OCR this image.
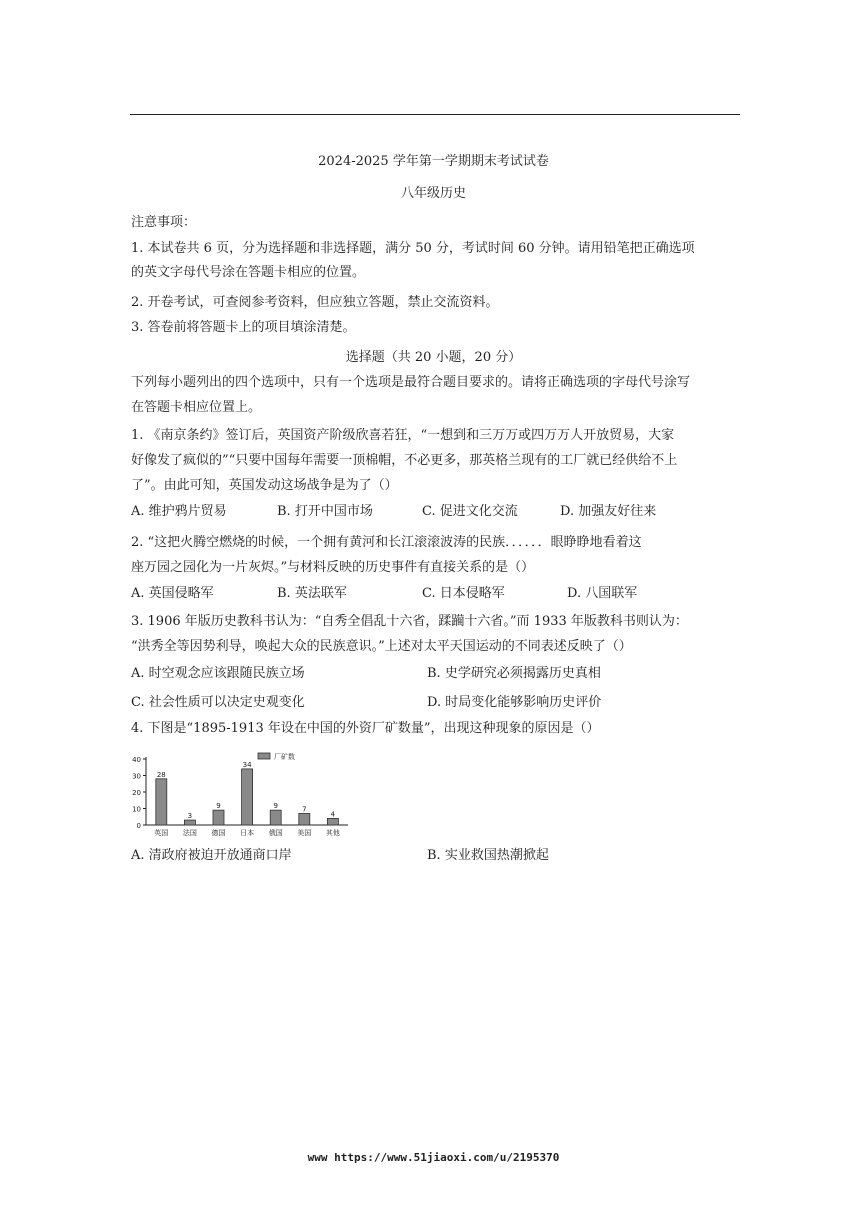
2024-2025 学年第一学期期末考试试卷
八年级历史
注意事项：
1. 本试卷共 6 页，分为选择题和非选择题，满分 50 分，考试时间 60 分钟。请用铅笔把正确选项
的英文字母代号涂在答题卡相应的位置。
2. 开卷考试，可查阅参考资料，但应独立答题，禁止交流资料。
3. 答卷前将答题卡上的项目填涂清楚。
选择题（共 20 小题，20 分）
下列每小题列出的四个选项中，只有一个选项是最符合题目要求的。请将正确选项的字母代号涂写
在答题卡相应位置上。
1. 《南京条约》签订后，英国资产阶级欣喜若狂，“一想到和三万万或四万万人开放贸易，大家
好像发了疯似的”“只要中国每年需要一顶棉帽，不必更多，那英格兰现有的工厂就已经供给不上
了”。由此可知，英国发动这场战争是为了（）
A. 维护鸦片贸易	B. 打开中国市场	C. 促进文化交流	D. 加强友好往来
2. “这把火腾空燃烧的时候，一个拥有黄河和长江滚滚波涛的民族．．．．．．眼睁睁地看着这
座万园之园化为一片灰烬。”与材料反映的历史事件有直接关系的是（）
A. 英国侵略军	B. 英法联军	C. 日本侵略军	D. 八国联军
3. 1906 年版历史教科书认为：“自秀全倡乱十六省，蹂躏十六省。”而 1933 年版教科书则认为：
“洪秀全等因势利导，唤起大众的民族意识。”上述对太平天国运动的不同表述反映了（）
A. 时空观念应该跟随民族立场	B. 史学研究必须揭露历史真相
C. 社会性质可以决定史观变化	D. 时局变化能够影响历史评价
4. 下图是“1895-1913 年设在中国的外资厂矿数量”，出现这种现象的原因是（）
0
10
20
30
40
28
英国
3
法国
9
德国
34
日本
9
俄国
7
美国
4
其他
厂矿数
A. 清政府被迫开放通商口岸	B. 实业救国热潮掀起
www https://www.51jiaoxi.com/u/2195370
